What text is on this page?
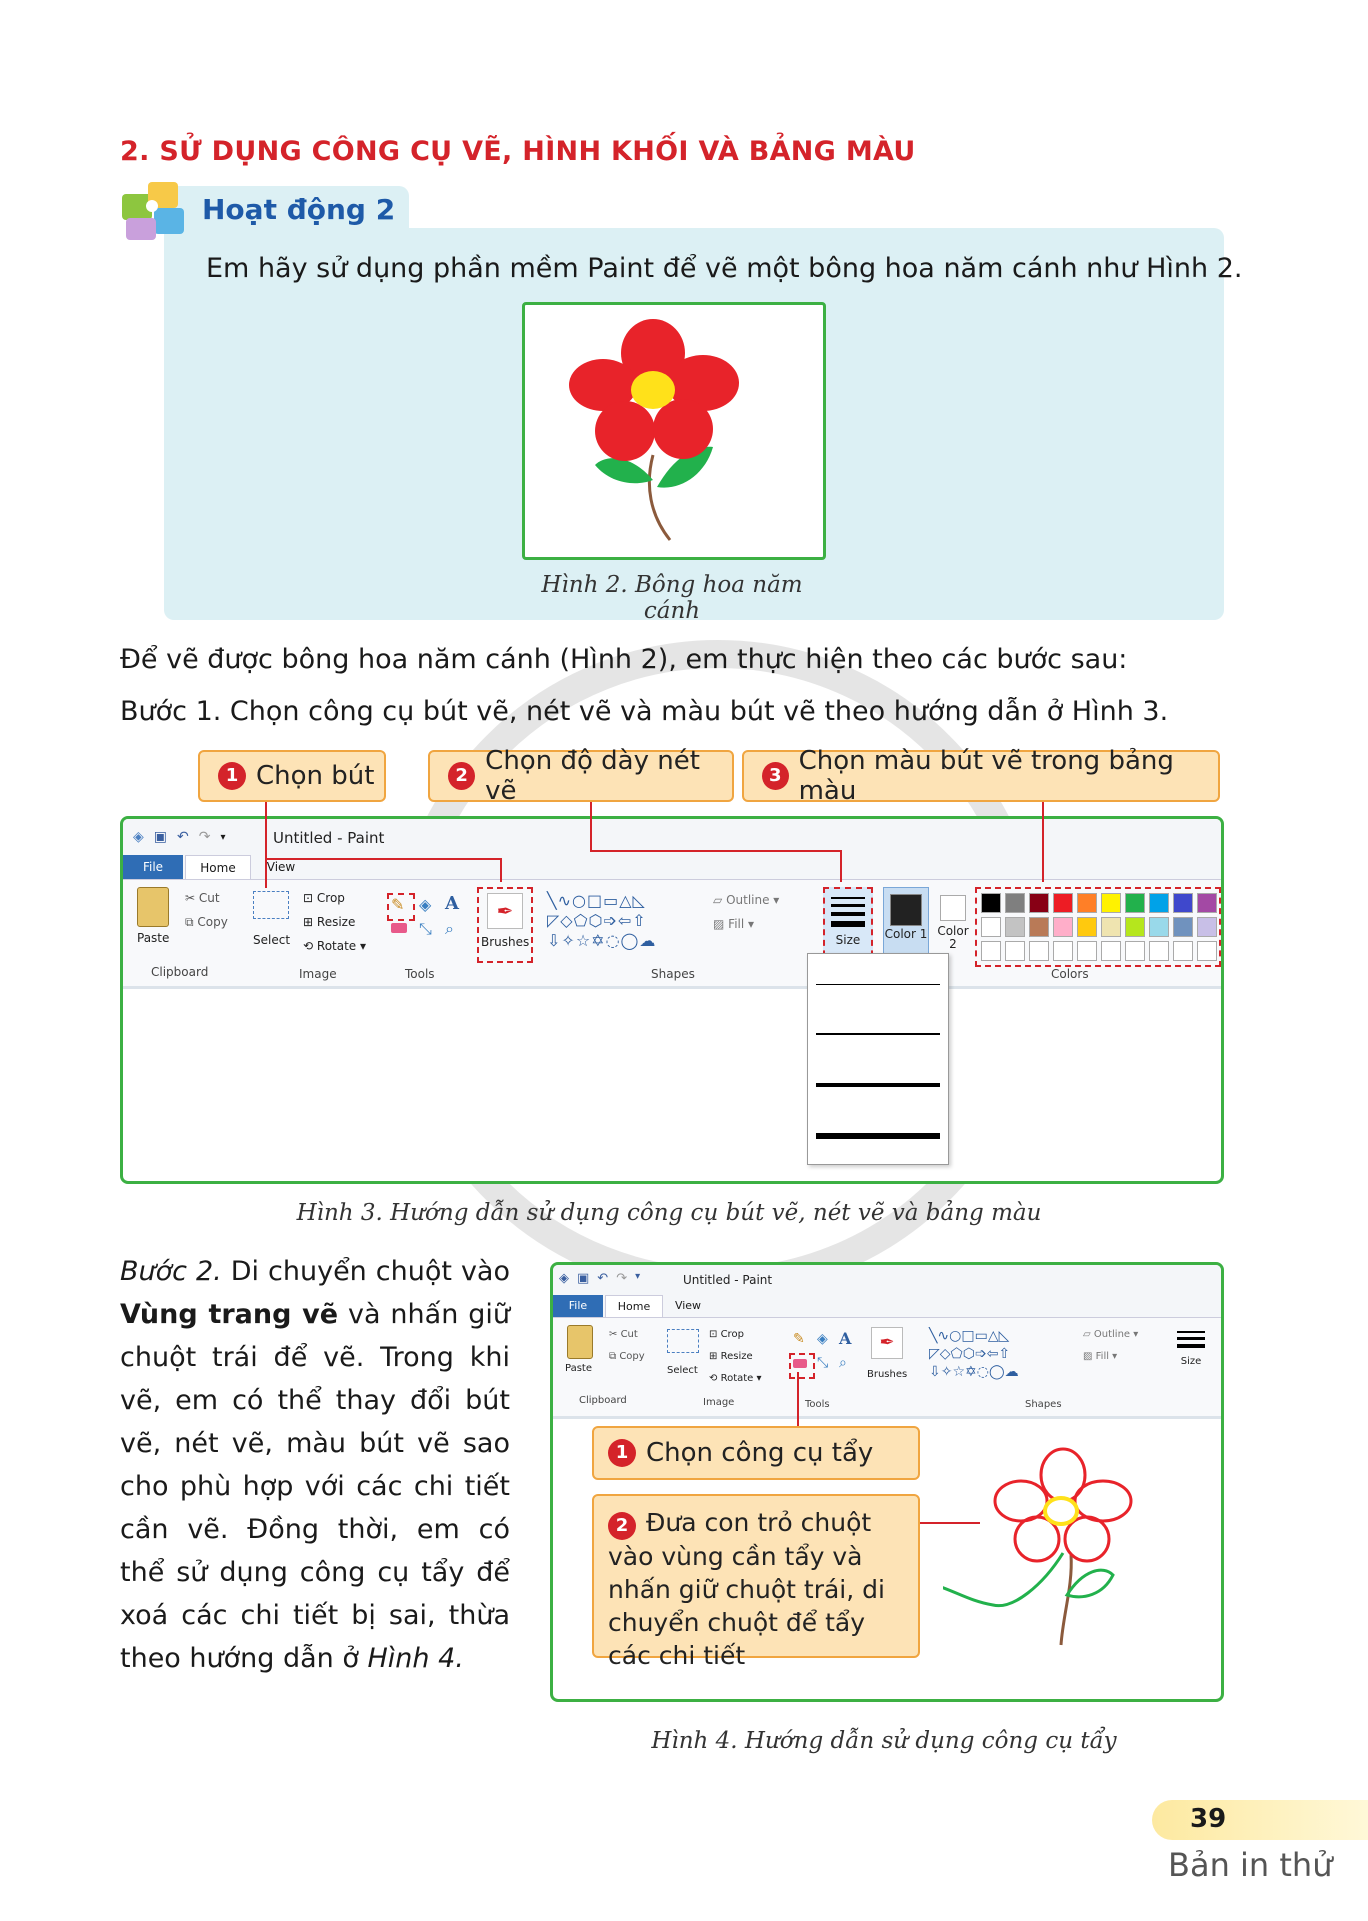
2. SỬ DỤNG CÔNG CỤ VẼ, HÌNH KHỐI VÀ BẢNG MÀU
Hoạt động 2
Em hãy sử dụng phần mềm Paint để vẽ một bông hoa năm cánh như Hình 2.
Hình 2. Bông hoa năm cánh
Để vẽ được bông hoa năm cánh (Hình 2), em thực hiện theo các bước sau:
Bước 1. Chọn công cụ bút vẽ, nét vẽ và màu bút vẽ theo hướng dẫn ở Hình 3.
1 Chọn bút	2 Chọn độ dày nét vẽ
3 Chọn màu bút vẽ trong bảng màu
◈ ▣ ↶ ↷ ▾	Untitled - Paint
File	Home	View
Paste
✂ Cut
⧉ Copy
Clipboard
Select
⊡ Crop
⊞ Resize
⟲ Rotate ▾
Image
✎ ◈ A
⤡ ⌕
Tools
✒
Brushes
╲∿○□▭△◺
◸◇⬠⬡➩⇦⇧
⇩✧☆✡◌◯☁
▱ Outline ▾
▨ Fill ▾
Shapes
Size	Color 1 Color 2
Colors
Hình 3. Hướng dẫn sử dụng công cụ bút vẽ, nét vẽ và bảng màu
Bước 2. Di chuyển chuột vào Vùng trang vẽ và nhấn giữ chuột trái để vẽ. Trong khi vẽ, em có thể thay đổi bút vẽ, nét vẽ, màu bút vẽ sao cho phù hợp với các chi tiết cần vẽ. Đồng thời, em có thể sử dụng công cụ tẩy để xoá các chi tiết bị sai, thừa theo hướng dẫn ở Hình 4.
◈ ▣ ↶ ↷ ▾	Untitled - Paint
File	Home	View
Paste
✂ Cut
⧉ Copy
Clipboard
Select
⊡ Crop
⊞ Resize
⟲ Rotate ▾
Image
✎ ◈ A
⤡ ⌕
Tools
✒
Brushes
╲∿○□▭△◺
◸◇⬠⬡➩⇦⇧
⇩✧☆✡◌◯☁
▱ Outline ▾
▨ Fill ▾
Shapes
Size
1 Chọn công cụ tẩy
2 Đưa con trỏ chuột vào vùng cần tẩy và nhấn giữ chuột trái, di chuyển chuột để tẩy các chi tiết
Hình 4. Hướng dẫn sử dụng công cụ tẩy
39
Bản in thử
